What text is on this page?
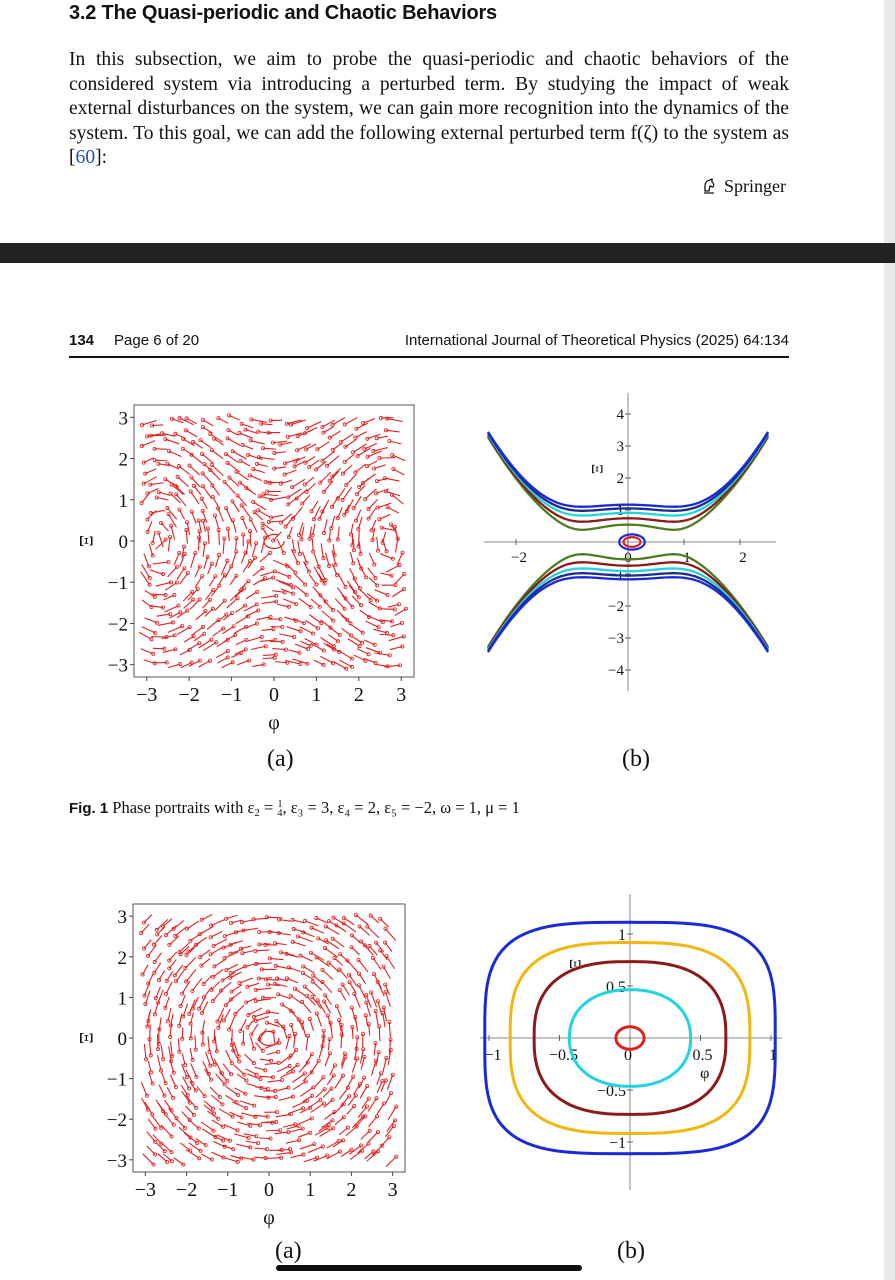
3.2 The Quasi-periodic and Chaotic Behaviors
In this subsection, we aim to probe the quasi-periodic and chaotic behaviors of the considered system via introducing a perturbed term. By studying the impact of weak external disturbances on the system, we can gain more recognition into the dynamics of the system. To this goal, we can add the following external perturbed term f(ζ) to the system as [60]:
Springer
134 Page 6 of 20	International Journal of Theoretical Physics (2025) 64:134
−3 −2 −1 0 1 2 3
3
2
1
0
−1
−2
−3
φ
Ξ
−2	1	2
0
4
3
2
1
−1
−2
−3
−4
Ξ
(a)	(b)
Fig. 1 Phase portraits with ε2 = 1
4 , ε₃ = 3, ε₄ = 2, ε₅ = −2, ω = 1, μ = 1
−3 −2 −1 0 1 2 3
3
2
1
0
−1
−2
−3
φ
Ξ
−1	−0.5	0	0.5	1
1
0.5
−0.5
−1
φ
Ξ
(a)	(b)
